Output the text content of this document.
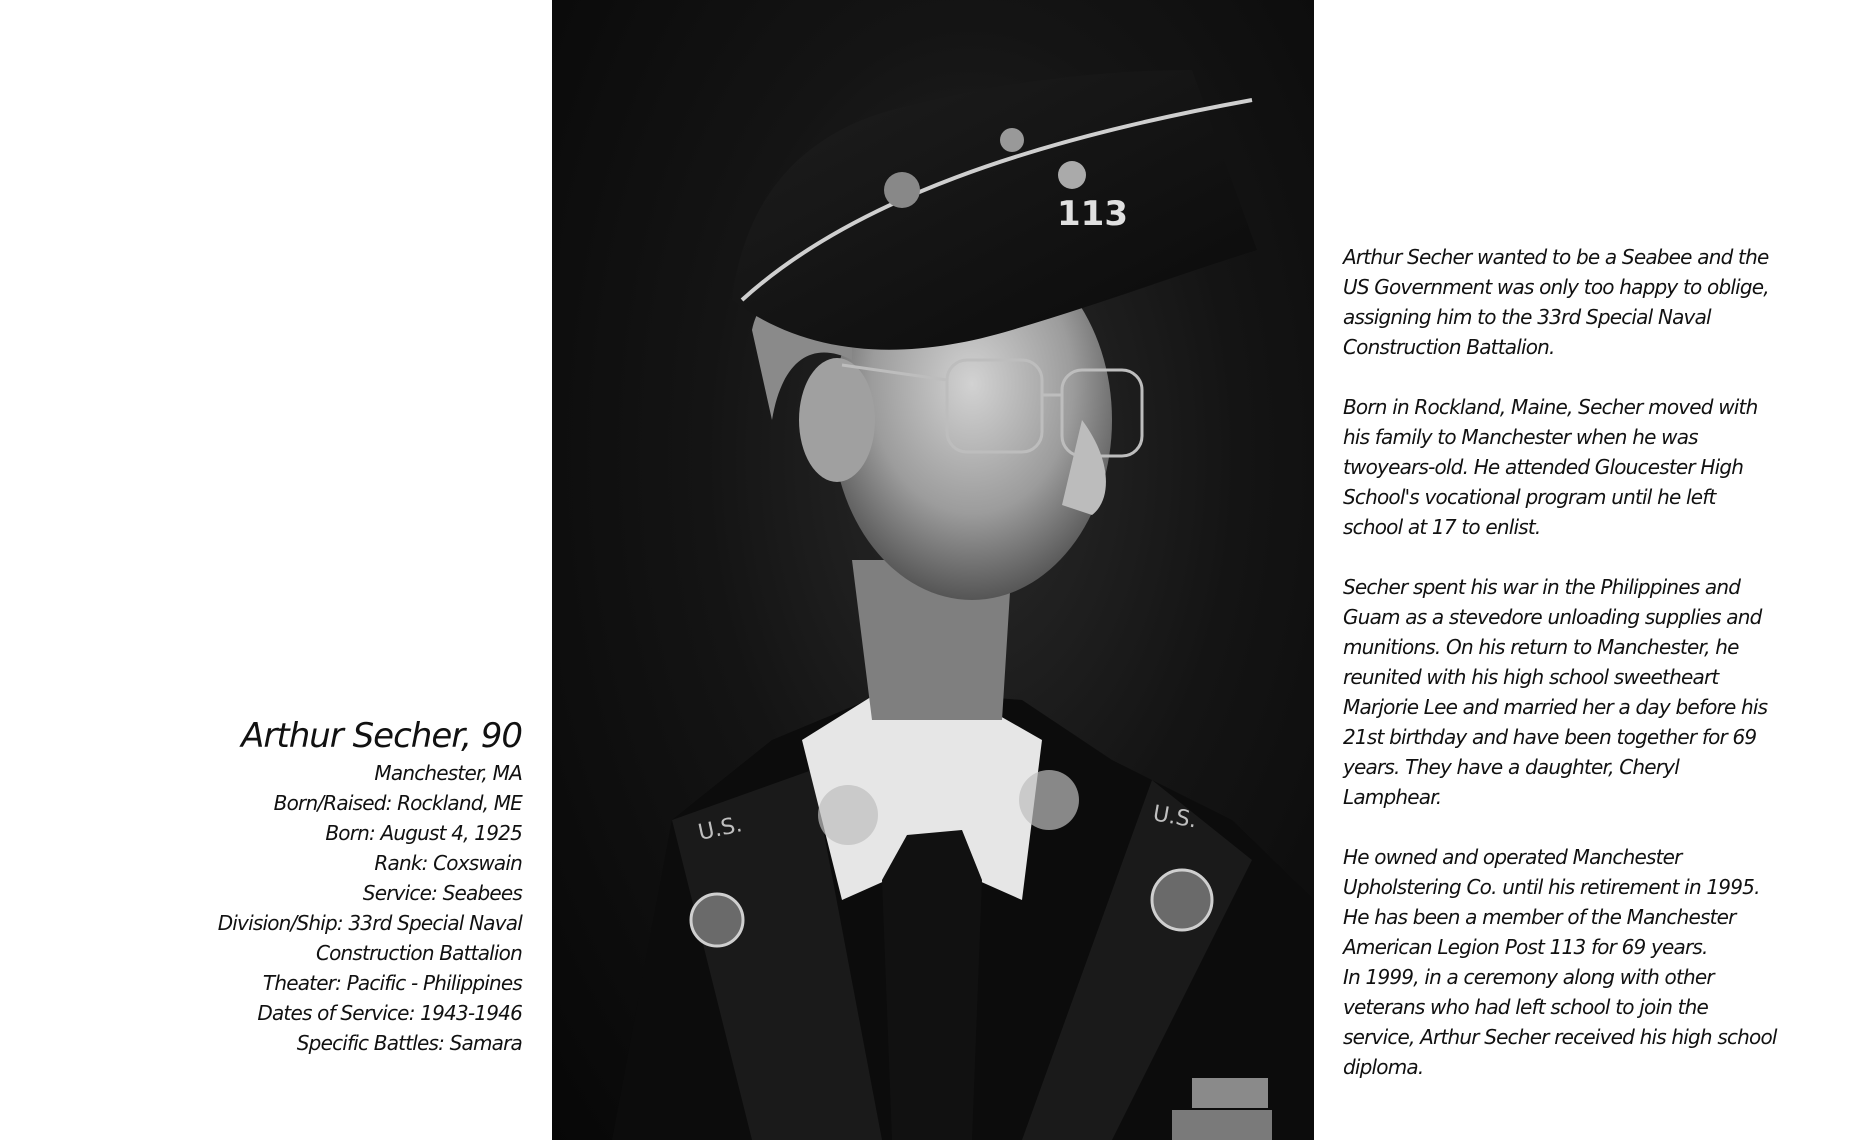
Arthur Secher, 90
Manchester, MA
Born/Raised: Rockland, ME
Born: August 4, 1925
Rank: Coxswain
Service: Seabees
Division/Ship: 33rd Special Naval
Construction Battalion
Theater: Pacific - Philippines
Dates of Service: 1943-1946
Specific Battles: Samara
113
U.S.	U.S.

Arthur Secher wanted to be a Seabee and the US Government was only too happy to oblige, assigning him to the 33rd Special Naval Construction Battalion.

Born in Rockland, Maine, Secher moved with his family to Manchester when he was twoyears-old. He attended Gloucester High School's vocational program until he left school at 17 to enlist.

Secher spent his war in the Philippines and Guam as a stevedore unloading supplies and munitions. On his return to Manchester, he reunited with his high school sweetheart Marjorie Lee and married her a day before his 21st birthday and have been together for 69 years. They have a daughter, Cheryl Lamphear.

He owned and operated Manchester Upholstering Co. until his retirement in 1995. He has been a member of the Manchester American Legion Post 113 for 69 years.

In 1999, in a ceremony along with other veterans who had left school to join the service, Arthur Secher received his high school diploma.
